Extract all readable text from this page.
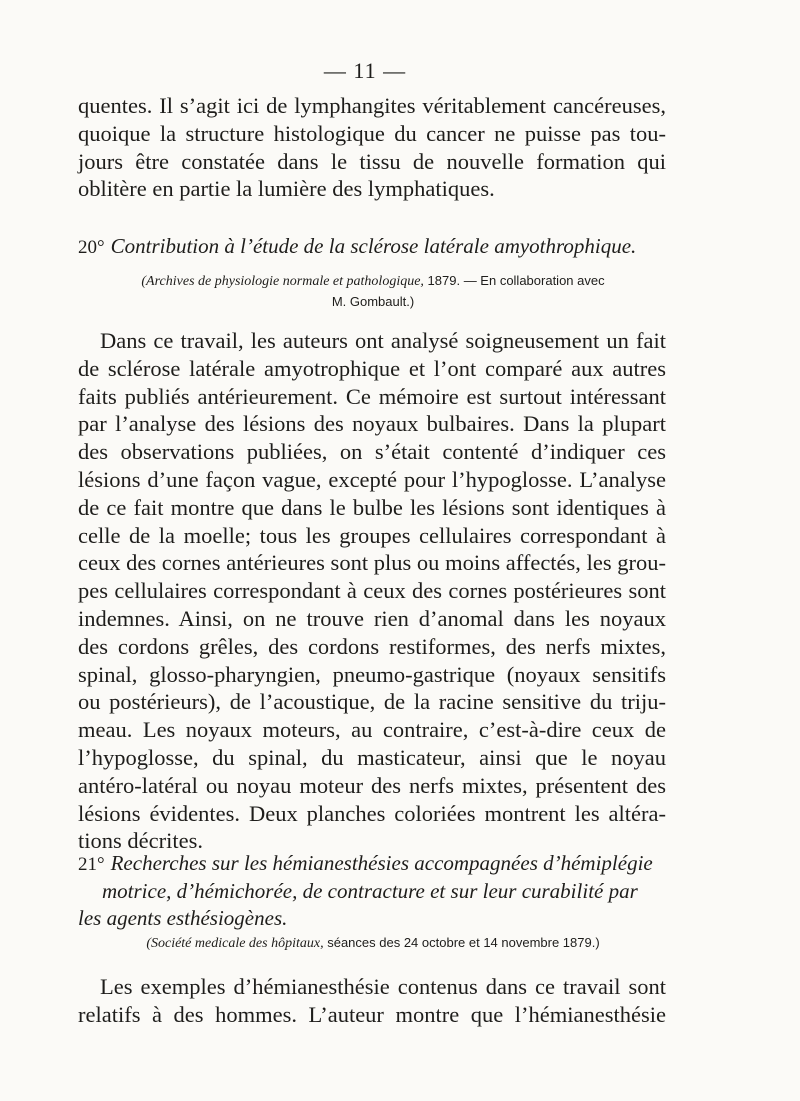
— 11 —
quentes. Il s’agit ici de lymphangites véritablement cancéreuses,
quoique la structure histologique du cancer ne puisse pas tou-
jours être constatée dans le tissu de nouvelle formation qui
oblitère en partie la lumière des lymphatiques.
20° Contribution à l’étude de la sclérose latérale amyothrophique.
(Archives de physiologie normale et pathologique, 1879. — En collaboration avec
M. Gombault.)
Dans ce travail, les auteurs ont analysé soigneusement un fait
de sclérose latérale amyotrophique et l’ont comparé aux autres
faits publiés antérieurement. Ce mémoire est surtout intéressant
par l’analyse des lésions des noyaux bulbaires. Dans la plupart
des observations publiées, on s’était contenté d’indiquer ces
lésions d’une façon vague, excepté pour l’hypoglosse. L’analyse
de ce fait montre que dans le bulbe les lésions sont identiques à
celle de la moelle; tous les groupes cellulaires correspondant à
ceux des cornes antérieures sont plus ou moins affectés, les grou-
pes cellulaires correspondant à ceux des cornes postérieures sont
indemnes. Ainsi, on ne trouve rien d’anomal dans les noyaux
des cordons grêles, des cordons restiformes, des nerfs mixtes,
spinal, glosso-pharyngien, pneumo-gastrique (noyaux sensitifs
ou postérieurs), de l’acoustique, de la racine sensitive du triju-
meau. Les noyaux moteurs, au contraire, c’est-à-dire ceux de
l’hypoglosse, du spinal, du masticateur, ainsi que le noyau
antéro-latéral ou noyau moteur des nerfs mixtes, présentent des
lésions évidentes. Deux planches coloriées montrent les altéra-
tions décrites.
21° Recherches sur les hémianesthésies accompagnées d’hémiplégie
motrice, d’hémichorée, de contracture et sur leur curabilité par
les agents esthésiogènes.
(Société medicale des hôpitaux, séances des 24 octobre et 14 novembre 1879.)
Les exemples d’hémianesthésie contenus dans ce travail sont
relatifs à des hommes. L’auteur montre que l’hémianesthésie
